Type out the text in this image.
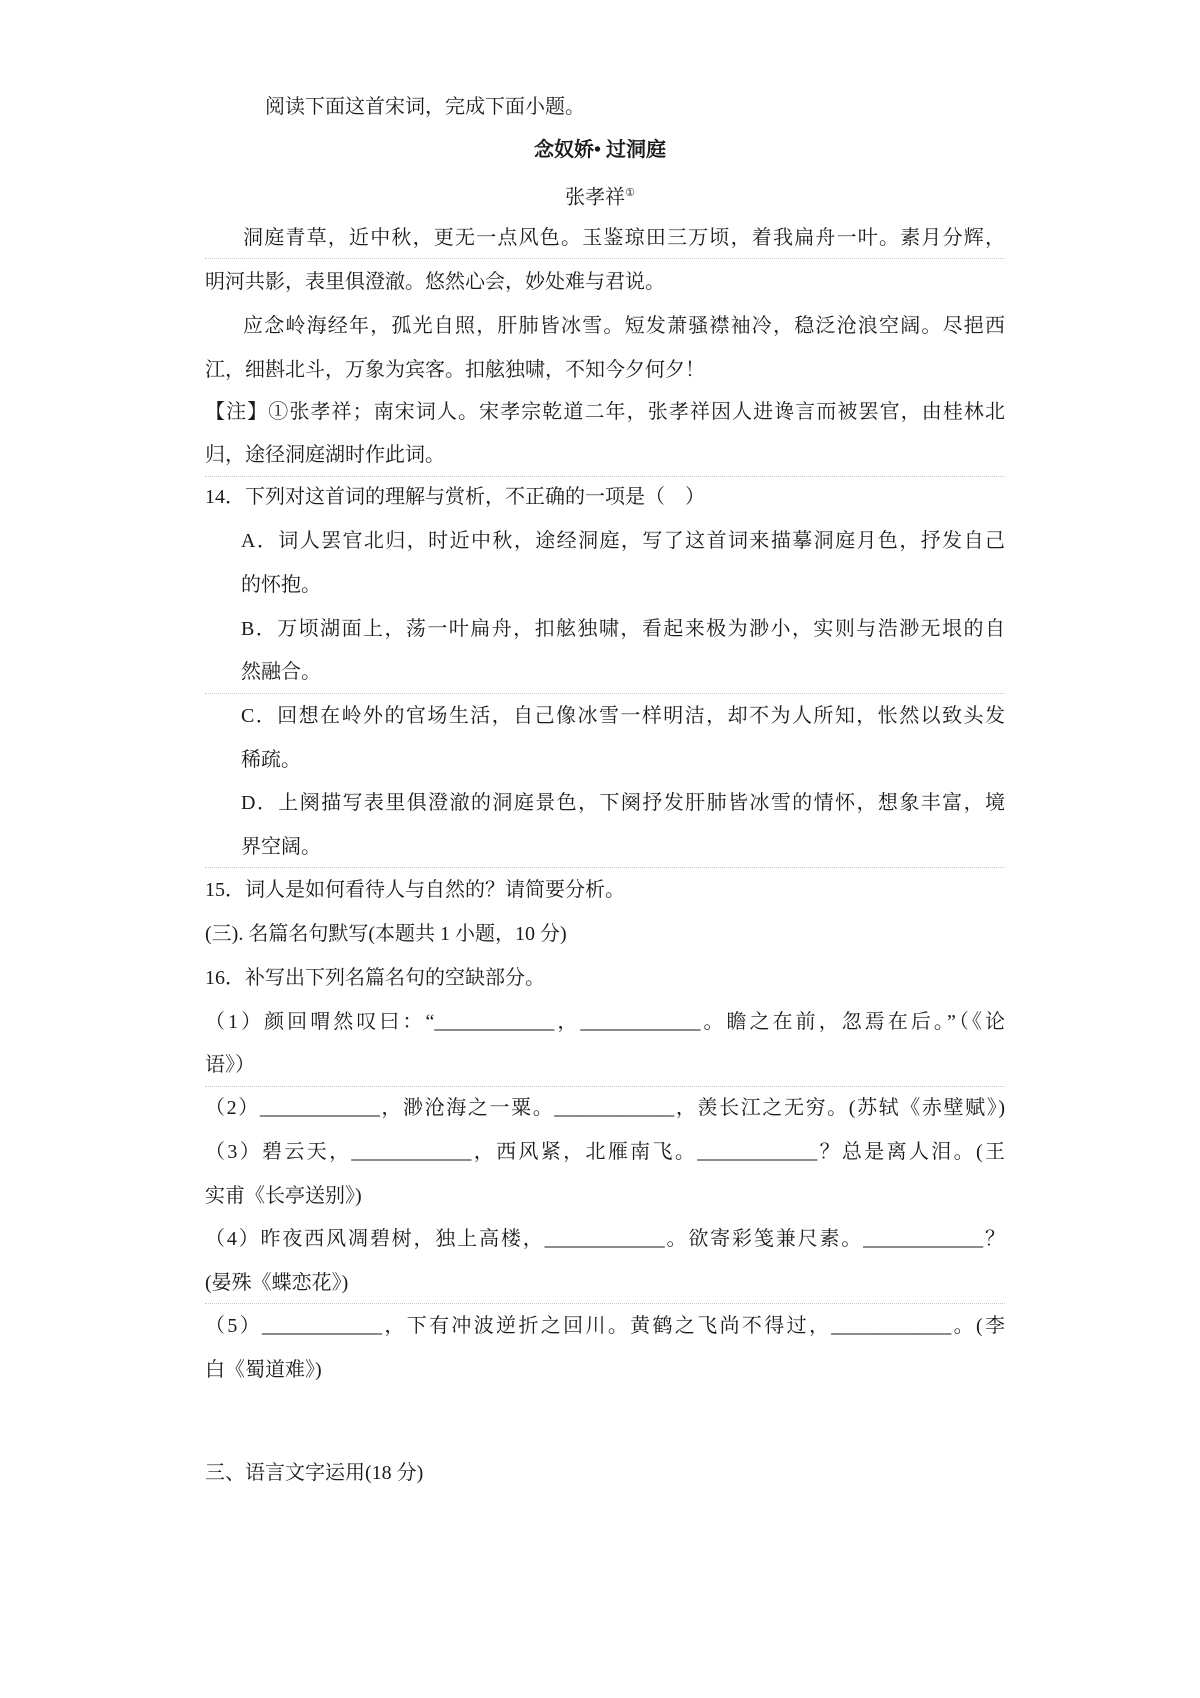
阅读下面这首宋词，完成下面小题。
念奴娇• 过洞庭
张孝祥①
洞庭青草，近中秋，更无一点风色。玉鉴琼田三万顷，着我扁舟一叶。素月分辉，
明河共影，表里俱澄澈。悠然心会，妙处难与君说。
应念岭海经年，孤光自照，肝肺皆冰雪。短发萧骚襟袖冷，稳泛沧浪空阔。尽挹西
江，细斟北斗，万象为宾客。扣舷独啸，不知今夕何夕！
【注】①张孝祥；南宋词人。宋孝宗乾道二年，张孝祥因人进谗言而被罢官，由桂林北
归，途径洞庭湖时作此词。
14．下列对这首词的理解与赏析，不正确的一项是（　）
A．词人罢官北归，时近中秋，途经洞庭，写了这首词来描摹洞庭月色，抒发自己
的怀抱。
B．万顷湖面上，荡一叶扁舟，扣舷独啸，看起来极为渺小，实则与浩渺无垠的自
然融合。
C．回想在岭外的官场生活，自己像冰雪一样明洁，却不为人所知，怅然以致头发
稀疏。
D．上阕描写表里俱澄澈的洞庭景色，下阕抒发肝肺皆冰雪的情怀，想象丰富，境
界空阔。
15．词人是如何看待人与自然的？请简要分析。
(三). 名篇名句默写(本题共 1 小题，10 分)
16．补写出下列名篇名句的空缺部分。
（1）颜回喟然叹曰：“____________，____________。瞻之在前，忽焉在后。”（《论
语》）
（2）____________，渺沧海之一粟。____________，羡长江之无穷。(苏轼《赤壁赋》)
（3）碧云天，____________，西风紧，北雁南飞。____________？总是离人泪。(王
实甫《长亭送别》)
（4）昨夜西风凋碧树，独上高楼，____________。欲寄彩笺兼尺素。____________？
(晏殊《蝶恋花》)
（5）____________，下有冲波逆折之回川。黄鹤之飞尚不得过，____________。(李
白《蜀道难》)
三、语言文字运用(18 分)
